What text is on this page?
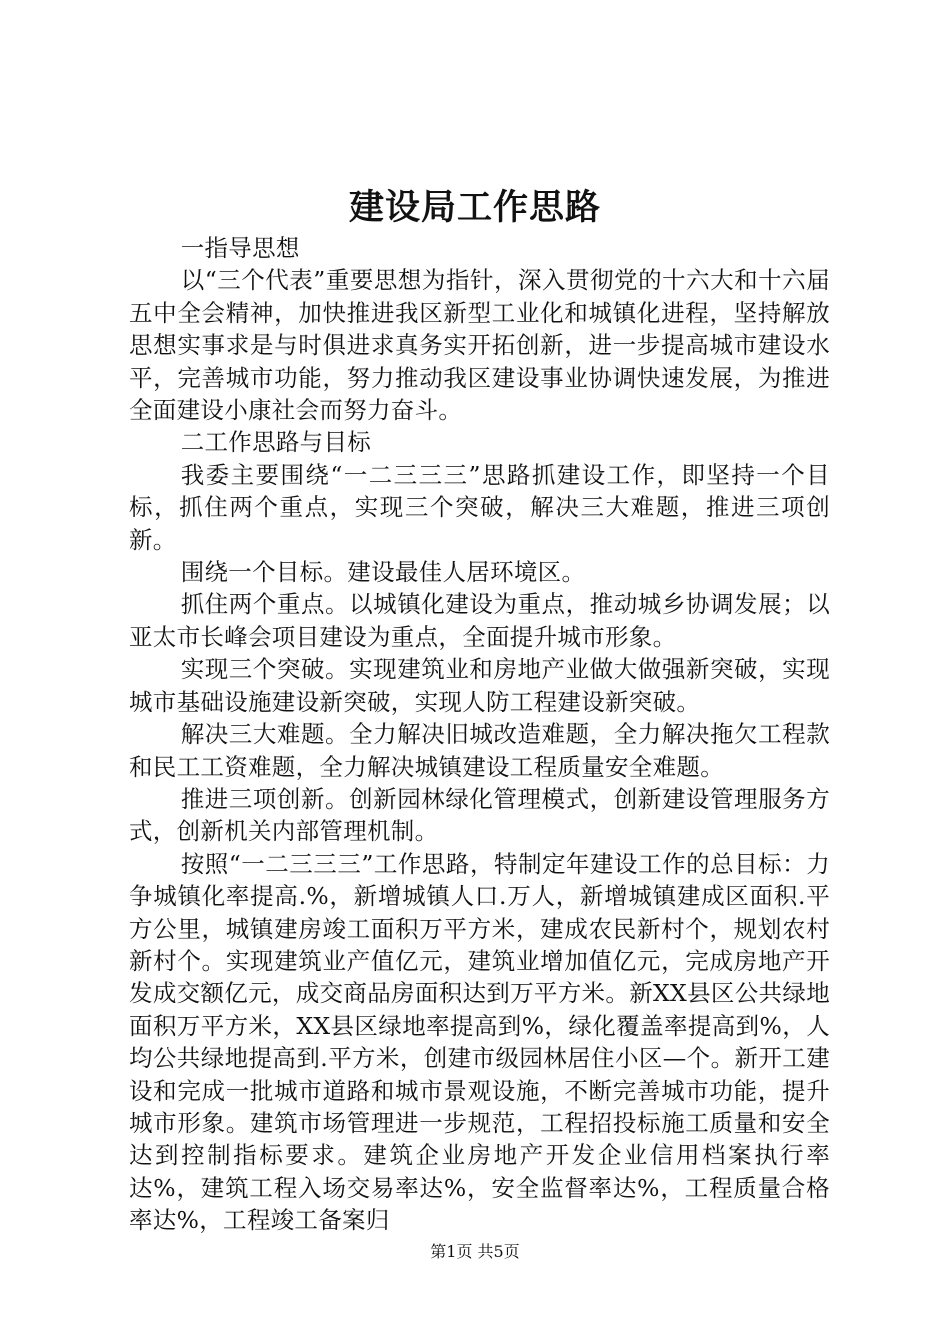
建设局工作思路

一指导思想

以“三个代表”重要思想为指针，深入贯彻党的十六大和十六届五中全会精神，加快推进我区新型工业化和城镇化进程，坚持解放思想实事求是与时俱进求真务实开拓创新，进一步提高城市建设水平，完善城市功能，努力推动我区建设事业协调快速发展，为推进全面建设小康社会而努力奋斗。

二工作思路与目标

我委主要围绕“一二三三三”思路抓建设工作，即坚持一个目标，抓住两个重点，实现三个突破，解决三大难题，推进三项创新。

围绕一个目标。建设最佳人居环境区。

抓住两个重点。以城镇化建设为重点，推动城乡协调发展；以亚太市长峰会项目建设为重点，全面提升城市形象。

实现三个突破。实现建筑业和房地产业做大做强新突破，实现城市基础设施建设新突破，实现人防工程建设新突破。

解决三大难题。全力解决旧城改造难题，全力解决拖欠工程款和民工工资难题，全力解决城镇建设工程质量安全难题。

推进三项创新。创新园林绿化管理模式，创新建设管理服务方式，创新机关内部管理机制。

按照“一二三三三”工作思路，特制定年建设工作的总目标：力争城镇化率提高.%，新增城镇人口.万人，新增城镇建成区面积.平方公里，城镇建房竣工面积万平方米，建成农民新村个，规划农村新村个。实现建筑业产值亿元，建筑业增加值亿元，完成房地产开发成交额亿元，成交商品房面积达到万平方米。新XX县区公共绿地面积万平方米，XX县区绿地率提高到%，绿化覆盖率提高到%，人均公共绿地提高到.平方米，创建市级园林居住小区—个。新开工建设和完成一批城市道路和城市景观设施，不断完善城市功能，提升城市形象。建筑市场管理进一步规范，工程招投标施工质量和安全达到控制指标要求。建筑企业房地产开发企业信用档案执行率达%，建筑工程入场交易率达%，安全监督率达%，工程质量合格率达%，工程竣工备案归

第1页 共5页
